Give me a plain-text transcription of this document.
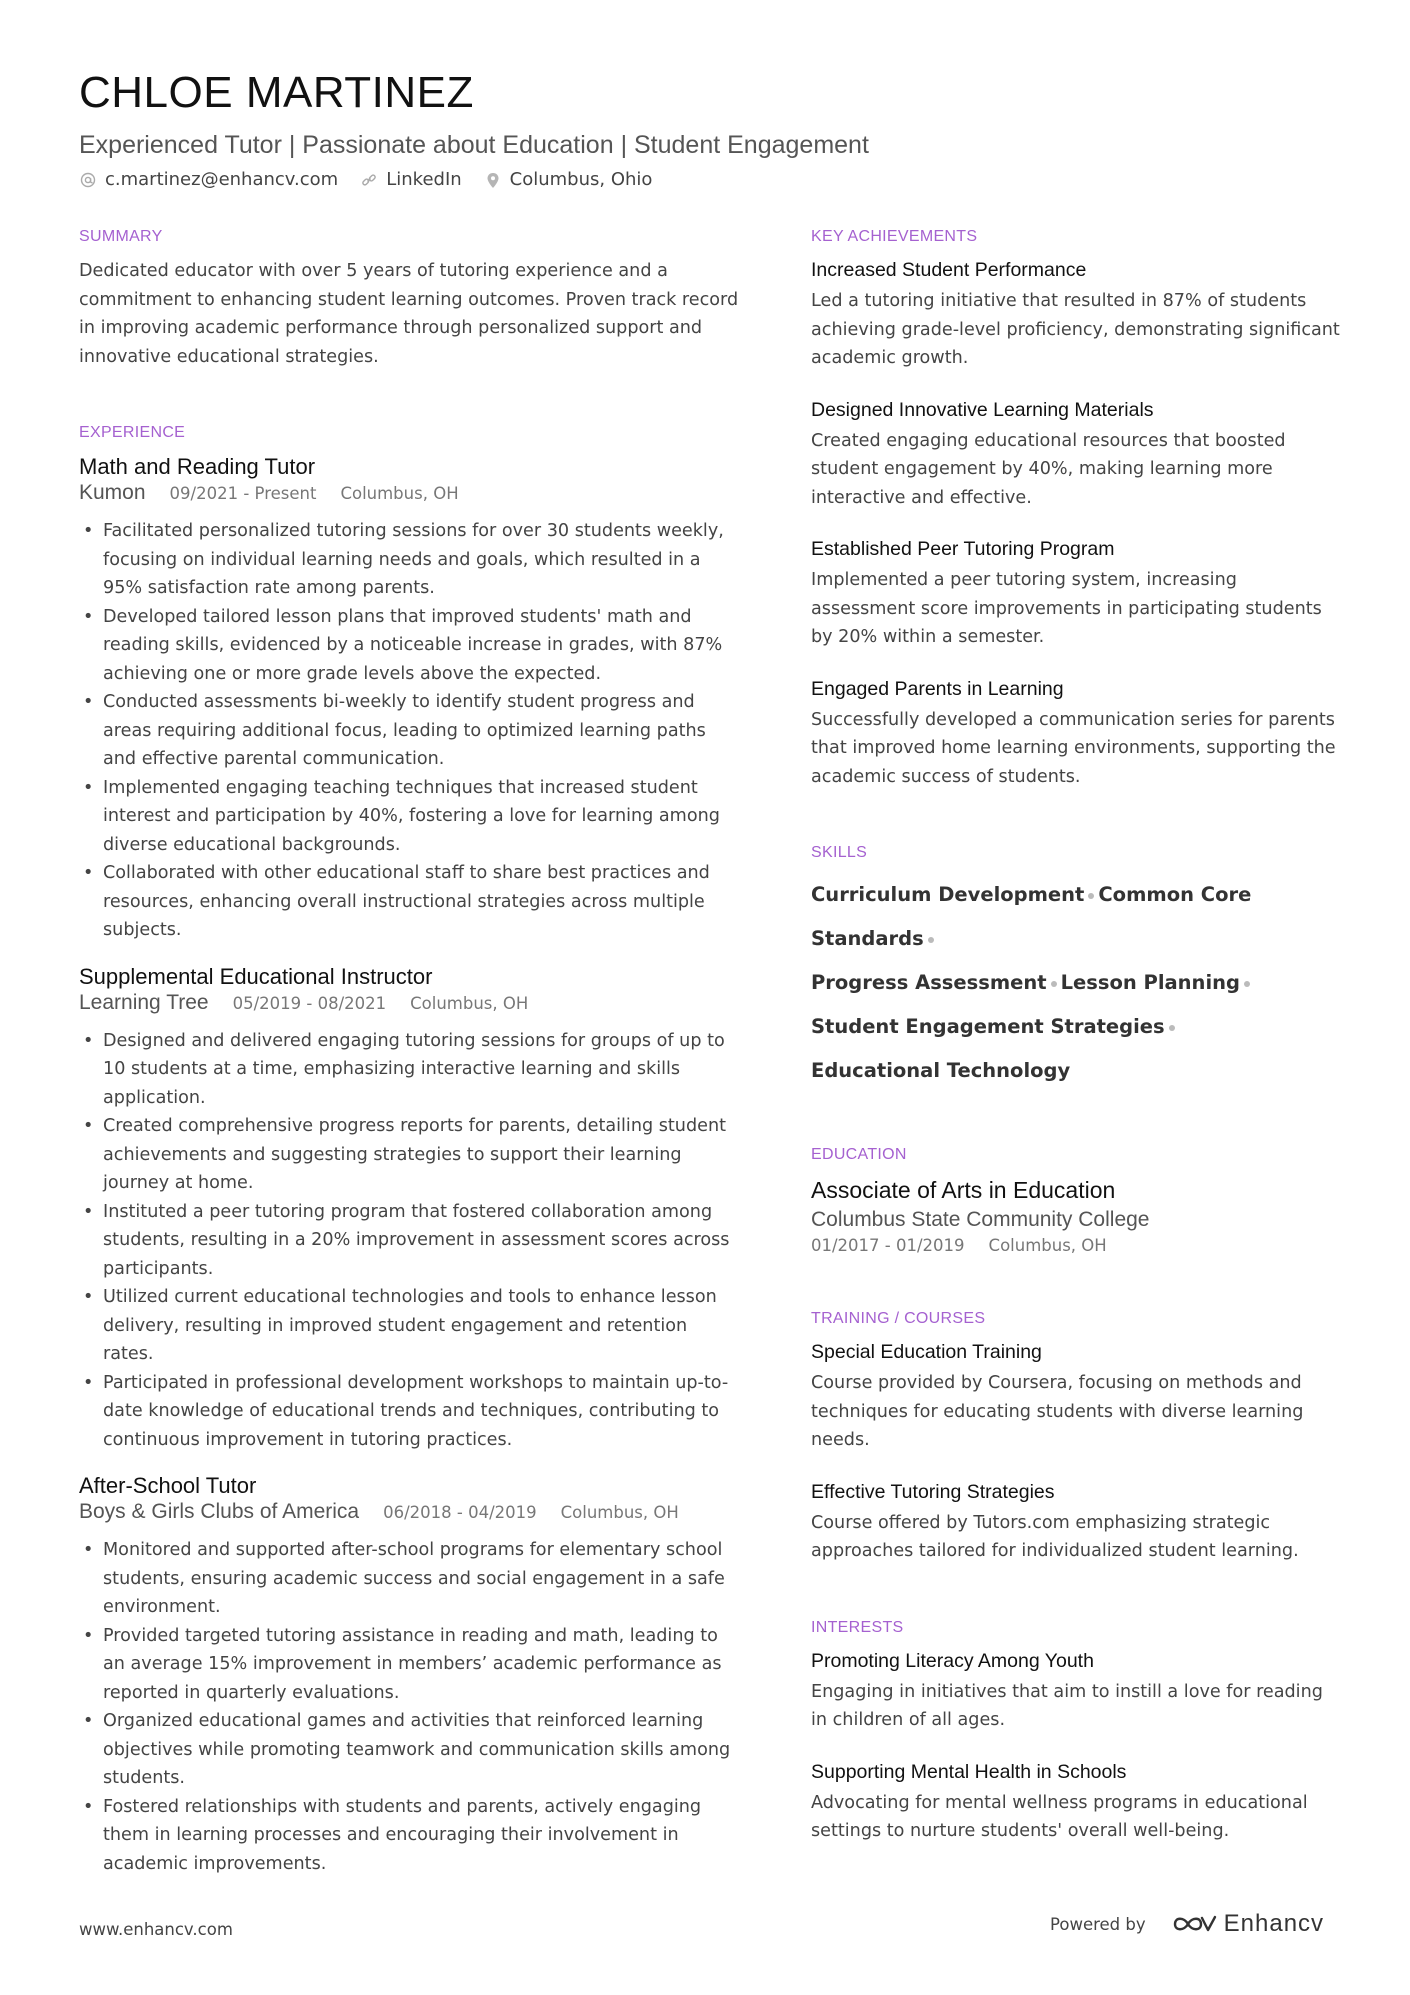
CHLOE MARTINEZ
Experienced Tutor | Passionate about Education | Student Engagement
c.martinez@enhancv.com	LinkedIn	Columbus, Ohio
SUMMARY

Dedicated educator with over 5 years of tutoring experience and a commitment to enhancing student learning outcomes. Proven track record in improving academic performance through personalized support and innovative educational strategies.

EXPERIENCE
Math and Reading Tutor
Kumon 09/2021 - Present Columbus, OH
• Facilitated personalized tutoring sessions for over 30 students weekly, focusing on individual learning needs and goals, which resulted in a 95% satisfaction rate among parents.
• Developed tailored lesson plans that improved students' math and reading skills, evidenced by a noticeable increase in grades, with 87% achieving one or more grade levels above the expected.
• Conducted assessments bi-weekly to identify student progress and areas requiring additional focus, leading to optimized learning paths and effective parental communication.
• Implemented engaging teaching techniques that increased student interest and participation by 40%, fostering a love for learning among diverse educational backgrounds.
• Collaborated with other educational staff to share best practices and resources, enhancing overall instructional strategies across multiple subjects.
Supplemental Educational Instructor
Learning Tree 05/2019 - 08/2021 Columbus, OH
• Designed and delivered engaging tutoring sessions for groups of up to 10 students at a time, emphasizing interactive learning and skills application.
• Created comprehensive progress reports for parents, detailing student achievements and suggesting strategies to support their learning journey at home.
• Instituted a peer tutoring program that fostered collaboration among students, resulting in a 20% improvement in assessment scores across participants.
• Utilized current educational technologies and tools to enhance lesson delivery, resulting in improved student engagement and retention rates.
• Participated in professional development workshops to maintain up-to-date knowledge of educational trends and techniques, contributing to continuous improvement in tutoring practices.
After-School Tutor
Boys & Girls Clubs of America 06/2018 - 04/2019 Columbus, OH
• Monitored and supported after-school programs for elementary school students, ensuring academic success and social engagement in a safe environment.
• Provided targeted tutoring assistance in reading and math, leading to an average 15% improvement in members’ academic performance as reported in quarterly evaluations.
• Organized educational games and activities that reinforced learning objectives while promoting teamwork and communication skills among students.
• Fostered relationships with students and parents, actively engaging them in learning processes and encouraging their involvement in academic improvements.
KEY ACHIEVEMENTS
Increased Student Performance

Led a tutoring initiative that resulted in 87% of students achieving grade-level proficiency, demonstrating significant academic growth.

Designed Innovative Learning Materials

Created engaging educational resources that boosted student engagement by 40%, making learning more interactive and effective.

Established Peer Tutoring Program

Implemented a peer tutoring system, increasing assessment score improvements in participating students by 20% within a semester.

Engaged Parents in Learning

Successfully developed a communication series for parents that improved home learning environments, supporting the academic success of students.

SKILLS
Curriculum Development Common Core Standards
Progress Assessment Lesson Planning
Student Engagement Strategies
Educational Technology
EDUCATION
Associate of Arts in Education
Columbus State Community College
01/2017 - 01/2019 Columbus, OH
TRAINING / COURSES
Special Education Training

Course provided by Coursera, focusing on methods and techniques for educating students with diverse learning needs.

Effective Tutoring Strategies

Course offered by Tutors.com emphasizing strategic approaches tailored for individualized student learning.

INTERESTS
Promoting Literacy Among Youth

Engaging in initiatives that aim to instill a love for reading in children of all ages.

Supporting Mental Health in Schools

Advocating for mental wellness programs in educational settings to nurture students' overall well-being.

www.enhancv.com	Powered by	Enhancv
